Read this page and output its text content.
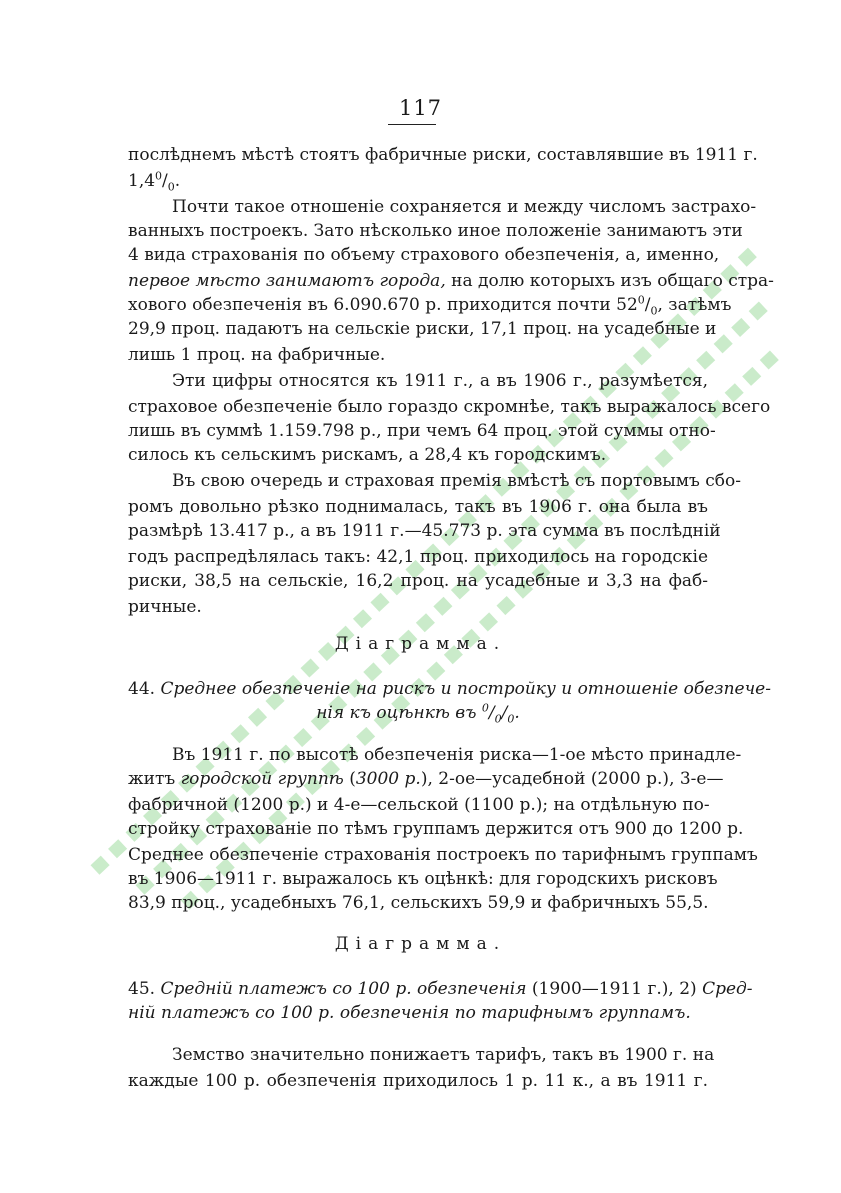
117
послѣднемъ мѣстѣ стоятъ фабричные риски, составлявшие въ 1911 г.
$1,4^0/_0$.
Почти такое отношеніе сохраняется и между числомъ застрахо-
ванныхъ построекъ. Зато нѣсколько иное положеніе занимаютъ эти
4 вида страхованія по объему страхового обезпеченія, а, именно,
первое мѣсто занимаютъ города, на долю которыхъ изъ общаго стра-
хового обезпеченія въ 6.090.670 р. приходится почти $52^0/_0$, затѣмъ
29,9 проц. падаютъ на сельскіе риски, 17,1 проц. на усадебные и
лишь 1 проц. на фабричные.
Эти цифры относятся къ 1911 г., а въ 1906 г., разумѣется,
страховое обезпеченіе было гораздо скромнѣе, такъ выражалось всего
лишь въ суммѣ 1.159.798 р., при чемъ 64 проц. этой суммы отно-
силось къ сельскимъ рискамъ, а 28,4 къ городскимъ.
Въ свою очередь и страховая премія вмѣстѣ съ портовымъ сбо-
ромъ довольно рѣзко поднималась, такъ въ 1906 г. она была въ
размѣрѣ 13.417 р., а въ 1911 г.—45.773 р. эта сумма въ послѣдній
годъ распредѣлялась такъ: 42,1 проц. приходилось на городскіе
риски, 38,5 на сельскіе, 16,2 проц. на усадебные и 3,3 на фаб-
ричные.
Діаграмма.
44. Среднее обезпеченіе на рискъ и постройку и отношеніе обезпече-
нія къ оцѣнкѣ въ $^0/_0/_0$.
Въ 1911 г. по высотѣ обезпеченія риска—1-ое мѣсто принадле-
житъ городской группѣ (3000 р.), 2-ое—усадебной (2000 р.), 3-е—
фабричной (1200 р.) и 4-е—сельской (1100 р.); на отдѣльную по-
стройку страхованіе по тѣмъ группамъ держится отъ 900 до 1200 р.
Среднее обезпеченіе страхованія построекъ по тарифнымъ группамъ
въ 1906—1911 г. выражалось къ оцѣнкѣ: для городскихъ рисковъ
83,9 проц., усадебныхъ 76,1, сельскихъ 59,9 и фабричныхъ 55,5.
Діаграмма.
45. Средній платежъ со 100 р. обезпеченія (1900—1911 г.), 2) Сред-
ній платежъ со 100 р. обезпеченія по тарифнымъ группамъ.
Земство значительно понижаетъ тарифъ, такъ въ 1900 г. на
каждые 100 р. обезпеченія приходилось 1 р. 11 к., а въ 1911 г.
